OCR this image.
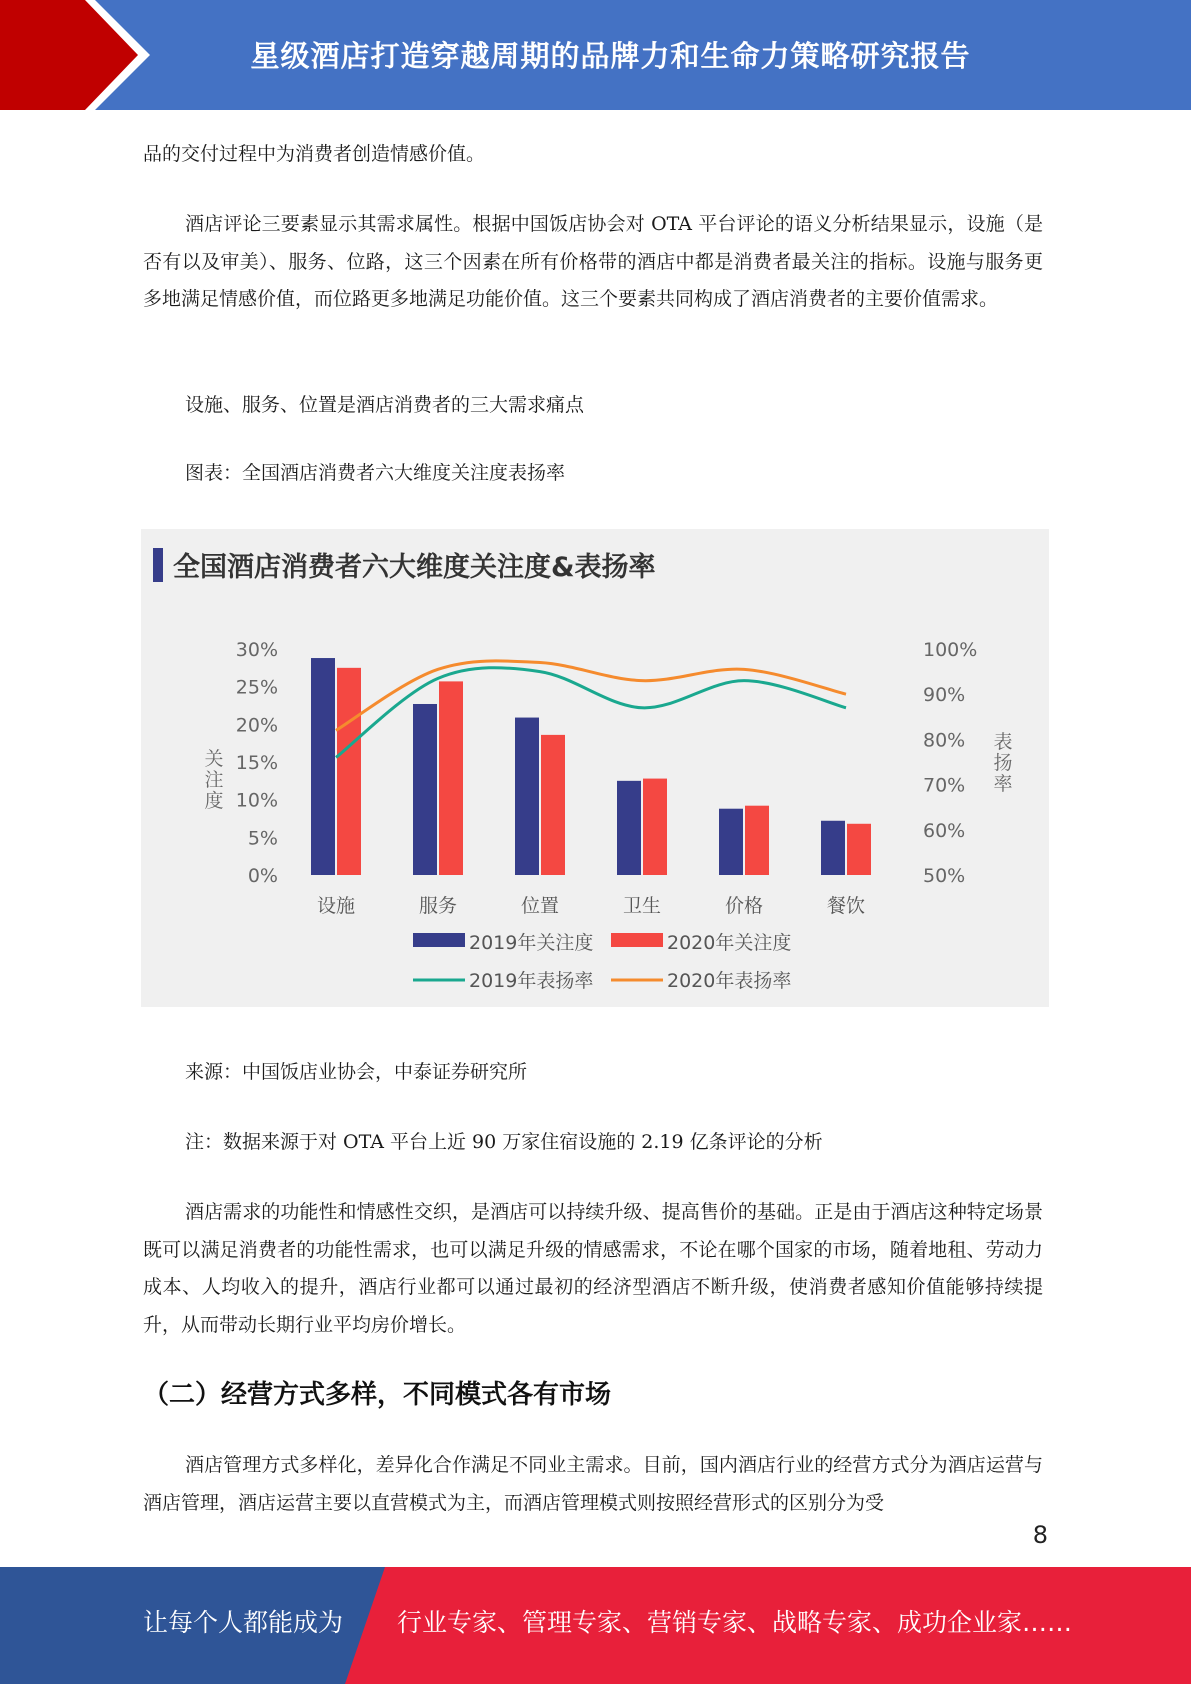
星级酒店打造穿越周期的品牌力和生命力策略研究报告

品的交付过程中为消费者创造情感价值。

酒店评论三要素显示其需求属性。根据中国饭店协会对 OTA 平台评论的语义分析结果显示，设施（是否有以及审美）、服务、位路，这三个因素在所有价格带的酒店中都是消费者最关注的指标。设施与服务更多地满足情感价值，而位路更多地满足功能价值。这三个要素共同构成了酒店消费者的主要价值需求。

设施、服务、位置是酒店消费者的三大需求痛点
图表：全国酒店消费者六大维度关注度表扬率
全国酒店消费者六大维度关注度&表扬率
0%
5%
10%
15%
20%
25%
30%
50%
60%
70%
80%
90%
100%
关
注
度
表
扬
率
设施	服务	位置	卫生	价格	餐饮
2019年关注度	2020年关注度
2019年表扬率	2020年表扬率
来源：中国饭店业协会，中泰证券研究所
注：数据来源于对 OTA 平台上近 90 万家住宿设施的 2.19 亿条评论的分析

酒店需求的功能性和情感性交织，是酒店可以持续升级、提高售价的基础。正是由于酒店这种特定场景既可以满足消费者的功能性需求，也可以满足升级的情感需求，不论在哪个国家的市场，随着地租、劳动力成本、人均收入的提升，酒店行业都可以通过最初的经济型酒店不断升级，使消费者感知价值能够持续提升，从而带动长期行业平均房价增长。

（二）经营方式多样，不同模式各有市场

酒店管理方式多样化，差异化合作满足不同业主需求。目前，国内酒店行业的经营方式分为酒店运营与酒店管理，酒店运营主要以直营模式为主，而酒店管理模式则按照经营形式的区别分为受

8
让每个人都能成为 行业专家、管理专家、营销专家、战略专家、成功企业家……
